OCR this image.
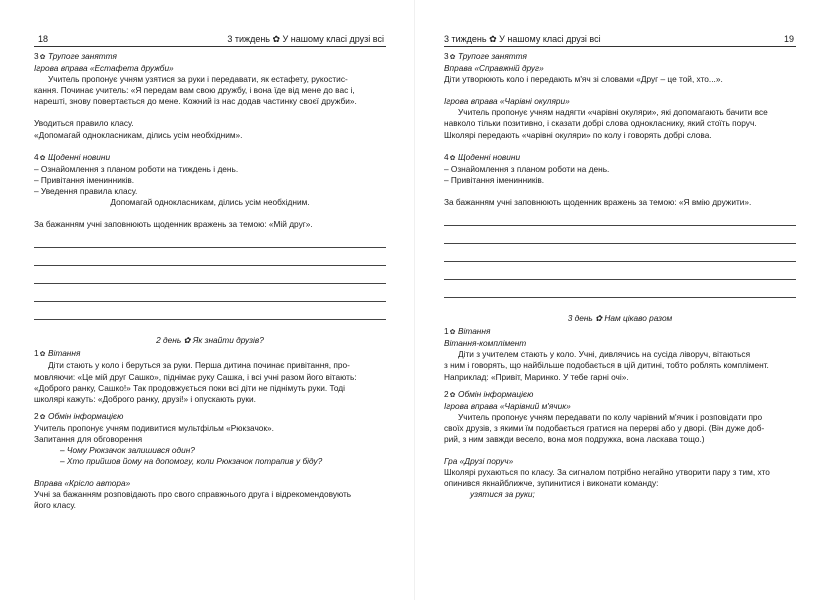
18	3 тиждень ✿ У нашому класі друзі всі
3✿ Трупоге заняття
Ігрова вправа «Естафета дружби»
Учитель пропонує учням узятися за руки і передавати, як естафету, рукостис-
кання. Починає учитель: «Я передам вам свою дружбу, і вона їде від мене до вас і,
нарешті, знову повертається до мене. Кожний із нас додав частинку своєї дружби».
Уводиться правило класу.
«Допомагай однокласникам, ділись усім необхідним».
4✿ Щоденні новини
– Ознайомлення з планом роботи на тиждень і день.
– Привітання іменинників.
– Уведення правила класу.
Допомагай однокласникам, ділись усім необхідним.
За бажанням учні заповнюють щоденник вражень за темою: «Мій друг».
2 день ✿ Як знайти друзів?
1✿ Вітання
Діти стають у коло і беруться за руки. Перша дитина починає привітання, про-
мовляючи: «Це мій друг Сашко», піднімає руку Сашка, і всі учні разом його вітають:
«Доброго ранку, Сашко!» Так продовжується поки всі діти не піднімуть руки. Тоді
школярі кажуть: «Доброго ранку, друзі!» і опускають руки.
2✿ Обмін інформацією
Учитель пропонує учням подивитися мультфільм «Рюкзачок».
Запитання для обговорення
– Чому Рюкзачок залишився один?
– Хто прийшов йому на допомогу, коли Рюкзачок потрапив у біду?
Вправа «Крісло автора»
Учні за бажанням розповідають про свого справжнього друга і відрекомендовують
його класу.
3 тиждень ✿ У нашому класі друзі всі	19
3✿ Трупоге заняття
Вправа «Справжній друг»
Діти утворюють коло і передають м'яч зі словами «Друг – це той, хто...».
Ігрова вправа «Чарівні окуляри»
Учитель пропонує учням надягти «чарівні окуляри», які допомагають бачити все
навколо тільки позитивно, і сказати добрі слова однокласнику, який стоїть поруч.
Школярі передають «чарівні окуляри» по колу і говорять добрі слова.
4✿ Щоденні новини
– Ознайомлення з планом роботи на день.
– Привітання іменинників.
За бажанням учні заповнюють щоденник вражень за темою: «Я вмію дружити».
3 день ✿ Нам цікаво разом
1✿ Вітання
Вітання-комплімент
Діти з учителем стають у коло. Учні, дивлячись на сусіда ліворуч, вітаються
з ним і говорять, що найбільше подобається в цій дитині, тобто роблять комплімент.
Наприклад: «Привіт, Маринко. У тебе гарні очі».
2✿ Обмін інформацією
Ігрова вправа «Чарівний м'ячик»
Учитель пропонує учням передавати по колу чарівний м'ячик і розповідати про
своїх друзів, з якими їм подобається гратися на перерві або у дворі. (Він дуже доб-
рий, з ним завжди весело, вона моя подружка, вона ласкава тощо.)
Гра «Друзі поруч»
Школярі рухаються по класу. За сигналом потрібно негайно утворити пару з тим, хто
опинився якнайближче, зупинитися і виконати команду:
узятися за руки;
